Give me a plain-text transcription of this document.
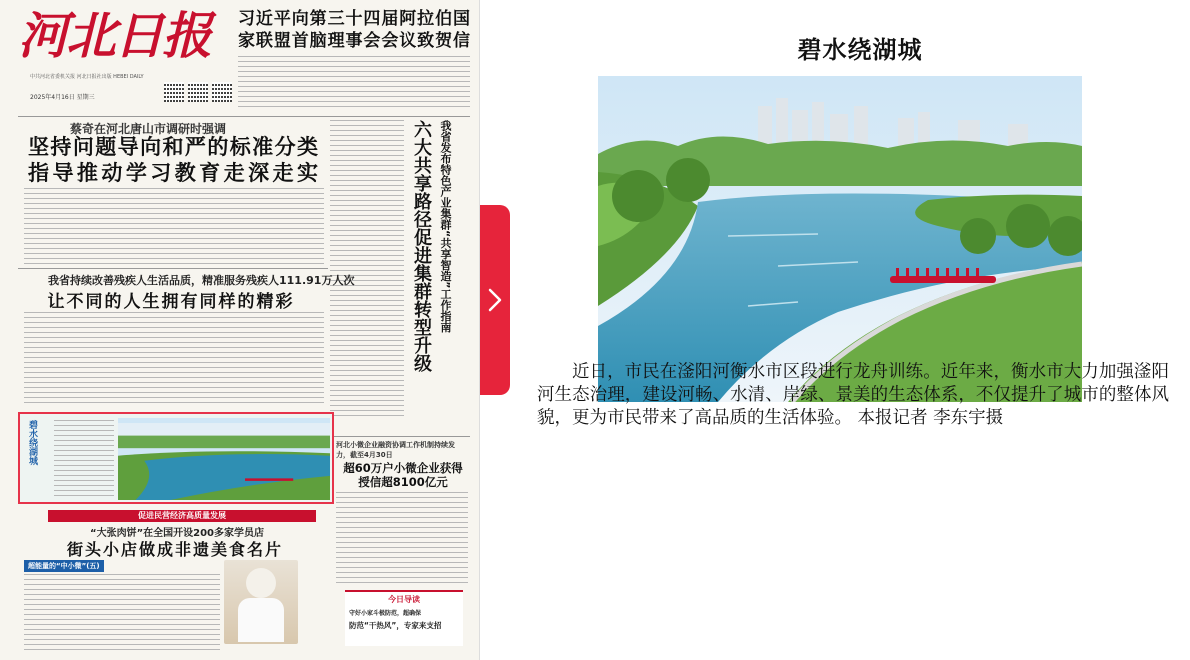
河北日报
中共河北省委机关报 河北日报社出版 HEBEI DAILY
2025年4月16日 星期三
习近平向第三十四届阿拉伯国家联盟首脑理事会会议致贺信
蔡奇在河北唐山市调研时强调
坚持问题导向和严的标准分类指导推动学习教育走深走实	我省发布特色产业集群“共享智造”工作指南
六大共享路径促进集群转型升级
我省持续改善残疾人生活品质，精准服务残疾人111.91万人次
让不同的人生拥有同样的精彩
碧水绕湖城
促进民营经济高质量发展
“大张肉饼”在全国开设200多家学员店
街头小店做成非遗美食名片
超能量的“中小微”(五)
河北小微企业融资协调工作机制持续发力，截至4月30日
超60万户小微企业获得授信超8100亿元
今日导读
守好小家斗极防范，超确保
防范“干热风”，专家来支招
碧水绕湖城
近日，市民在滏阳河衡水市区段进行龙舟训练。近年来，衡水市大力加强滏阳河生态治理，建设河畅、水清、岸绿、景美的生态体系，不仅提升了城市的整体风貌，更为市民带来了高品质的生活体验。 本报记者 李东宇摄
